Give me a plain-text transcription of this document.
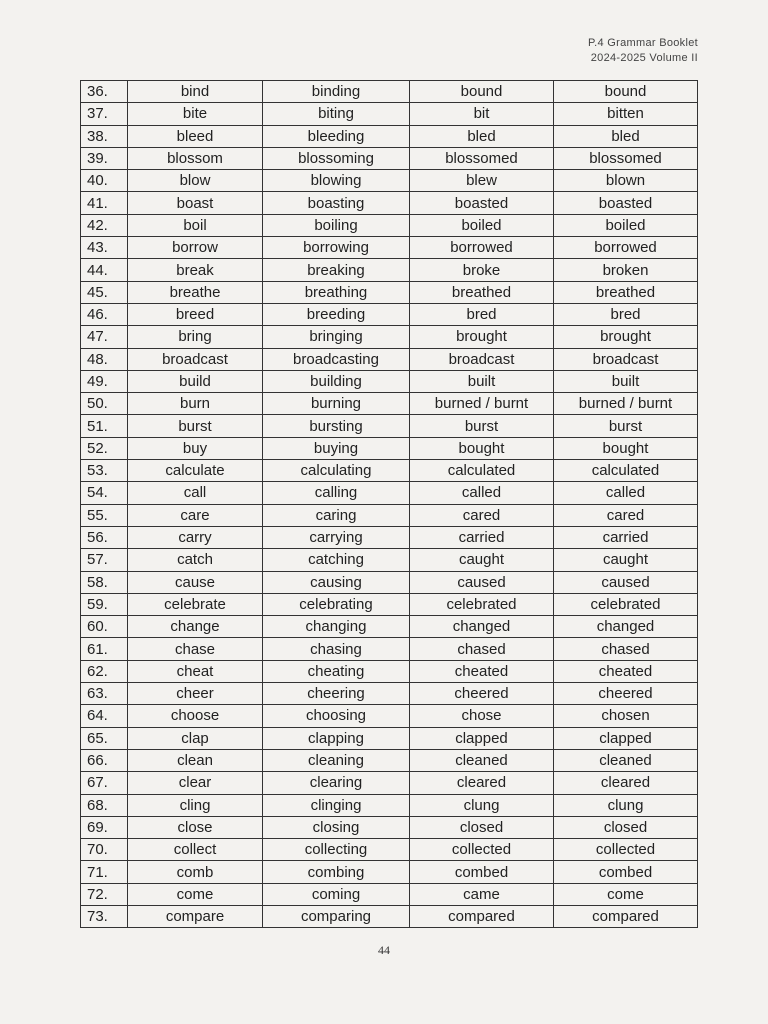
P.4 Grammar Booklet
2024-2025 Volume II
36.	bind	binding	bound	bound
37.	bite	biting	bit	bitten
38.	bleed	bleeding	bled	bled
39.	blossom	blossoming	blossomed	blossomed
40.	blow	blowing	blew	blown
41.	boast	boasting	boasted	boasted
42.	boil	boiling	boiled	boiled
43.	borrow	borrowing	borrowed	borrowed
44.	break	breaking	broke	broken
45.	breathe	breathing	breathed	breathed
46.	breed	breeding	bred	bred
47.	bring	bringing	brought	brought
48.	broadcast	broadcasting	broadcast	broadcast
49.	build	building	built	built
50.	burn	burning	burned / burnt	burned / burnt
51.	burst	bursting	burst	burst
52.	buy	buying	bought	bought
53.	calculate	calculating	calculated	calculated
54.	call	calling	called	called
55.	care	caring	cared	cared
56.	carry	carrying	carried	carried
57.	catch	catching	caught	caught
58.	cause	causing	caused	caused
59.	celebrate	celebrating	celebrated	celebrated
60.	change	changing	changed	changed
61.	chase	chasing	chased	chased
62.	cheat	cheating	cheated	cheated
63.	cheer	cheering	cheered	cheered
64.	choose	choosing	chose	chosen
65.	clap	clapping	clapped	clapped
66.	clean	cleaning	cleaned	cleaned
67.	clear	clearing	cleared	cleared
68.	cling	clinging	clung	clung
69.	close	closing	closed	closed
70.	collect	collecting	collected	collected
71.	comb	combing	combed	combed
72.	come	coming	came	come
73.	compare	comparing	compared	compared
44
